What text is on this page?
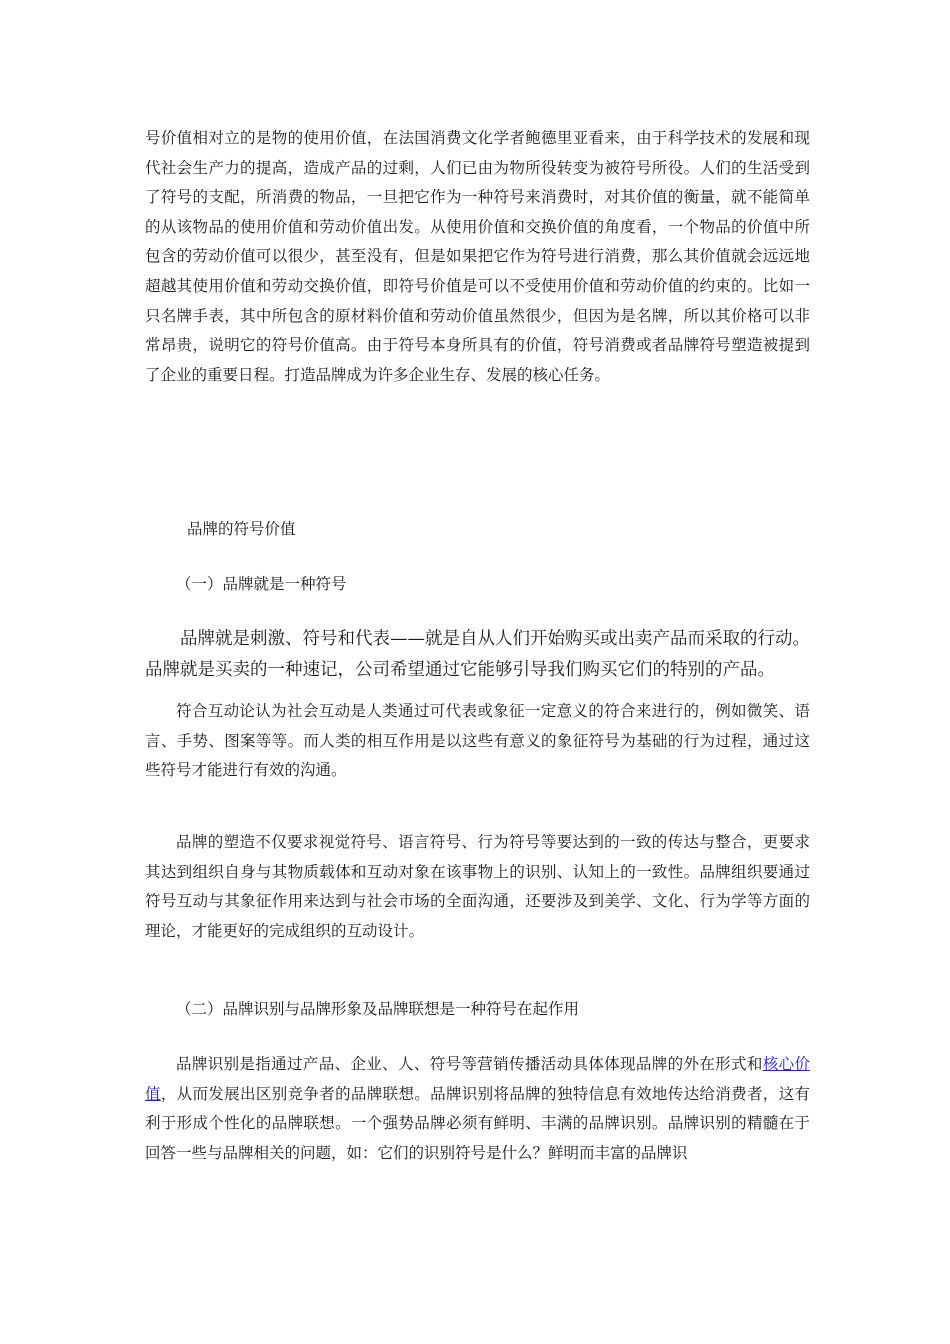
号价值相对立的是物的使用价值，在法国消费文化学者鲍德里亚看来，由于科学技术的发展和现代社会生产力的提高，造成产品的过剩，人们已由为物所役转变为被符号所役。人们的生活受到了符号的支配，所消费的物品，一旦把它作为一种符号来消费时，对其价值的衡量，就不能简单的从该物品的使用价值和劳动价值出发。从使用价值和交换价值的角度看，一个物品的价值中所包含的劳动价值可以很少，甚至没有，但是如果把它作为符号进行消费，那么其价值就会远远地超越其使用价值和劳动交换价值，即符号价值是可以不受使用价值和劳动价值的约束的。比如一只名牌手表，其中所包含的原材料价值和劳动价值虽然很少，但因为是名牌，所以其价格可以非常昂贵，说明它的符号价值高。由于符号本身所具有的价值，符号消费或者品牌符号塑造被提到了企业的重要日程。打造品牌成为许多企业生存、发展的核心任务。

品牌的符号价值

（一）品牌就是一种符号

品牌就是刺激、符号和代表——就是自从人们开始购买或出卖产品而采取的行动。品牌就是买卖的一种速记，公司希望通过它能够引导我们购买它们的特别的产品。

符合互动论认为社会互动是人类通过可代表或象征一定意义的符合来进行的，例如微笑、语言、手势、图案等等。而人类的相互作用是以这些有意义的象征符号为基础的行为过程，通过这些符号才能进行有效的沟通。

品牌的塑造不仅要求视觉符号、语言符号、行为符号等要达到的一致的传达与整合，更要求其达到组织自身与其物质载体和互动对象在该事物上的识别、认知上的一致性。品牌组织要通过符号互动与其象征作用来达到与社会市场的全面沟通，还要涉及到美学、文化、行为学等方面的理论，才能更好的完成组织的互动设计。

（二）品牌识别与品牌形象及品牌联想是一种符号在起作用

品牌识别是指通过产品、企业、人、符号等营销传播活动具体体现品牌的外在形式和核心价值，从而发展出区别竞争者的品牌联想。品牌识别将品牌的独特信息有效地传达给消费者，这有利于形成个性化的品牌联想。一个强势品牌必须有鲜明、丰满的品牌识别。品牌识别的精髓在于回答一些与品牌相关的问题，如：它们的识别符号是什么？鲜明而丰富的品牌识
